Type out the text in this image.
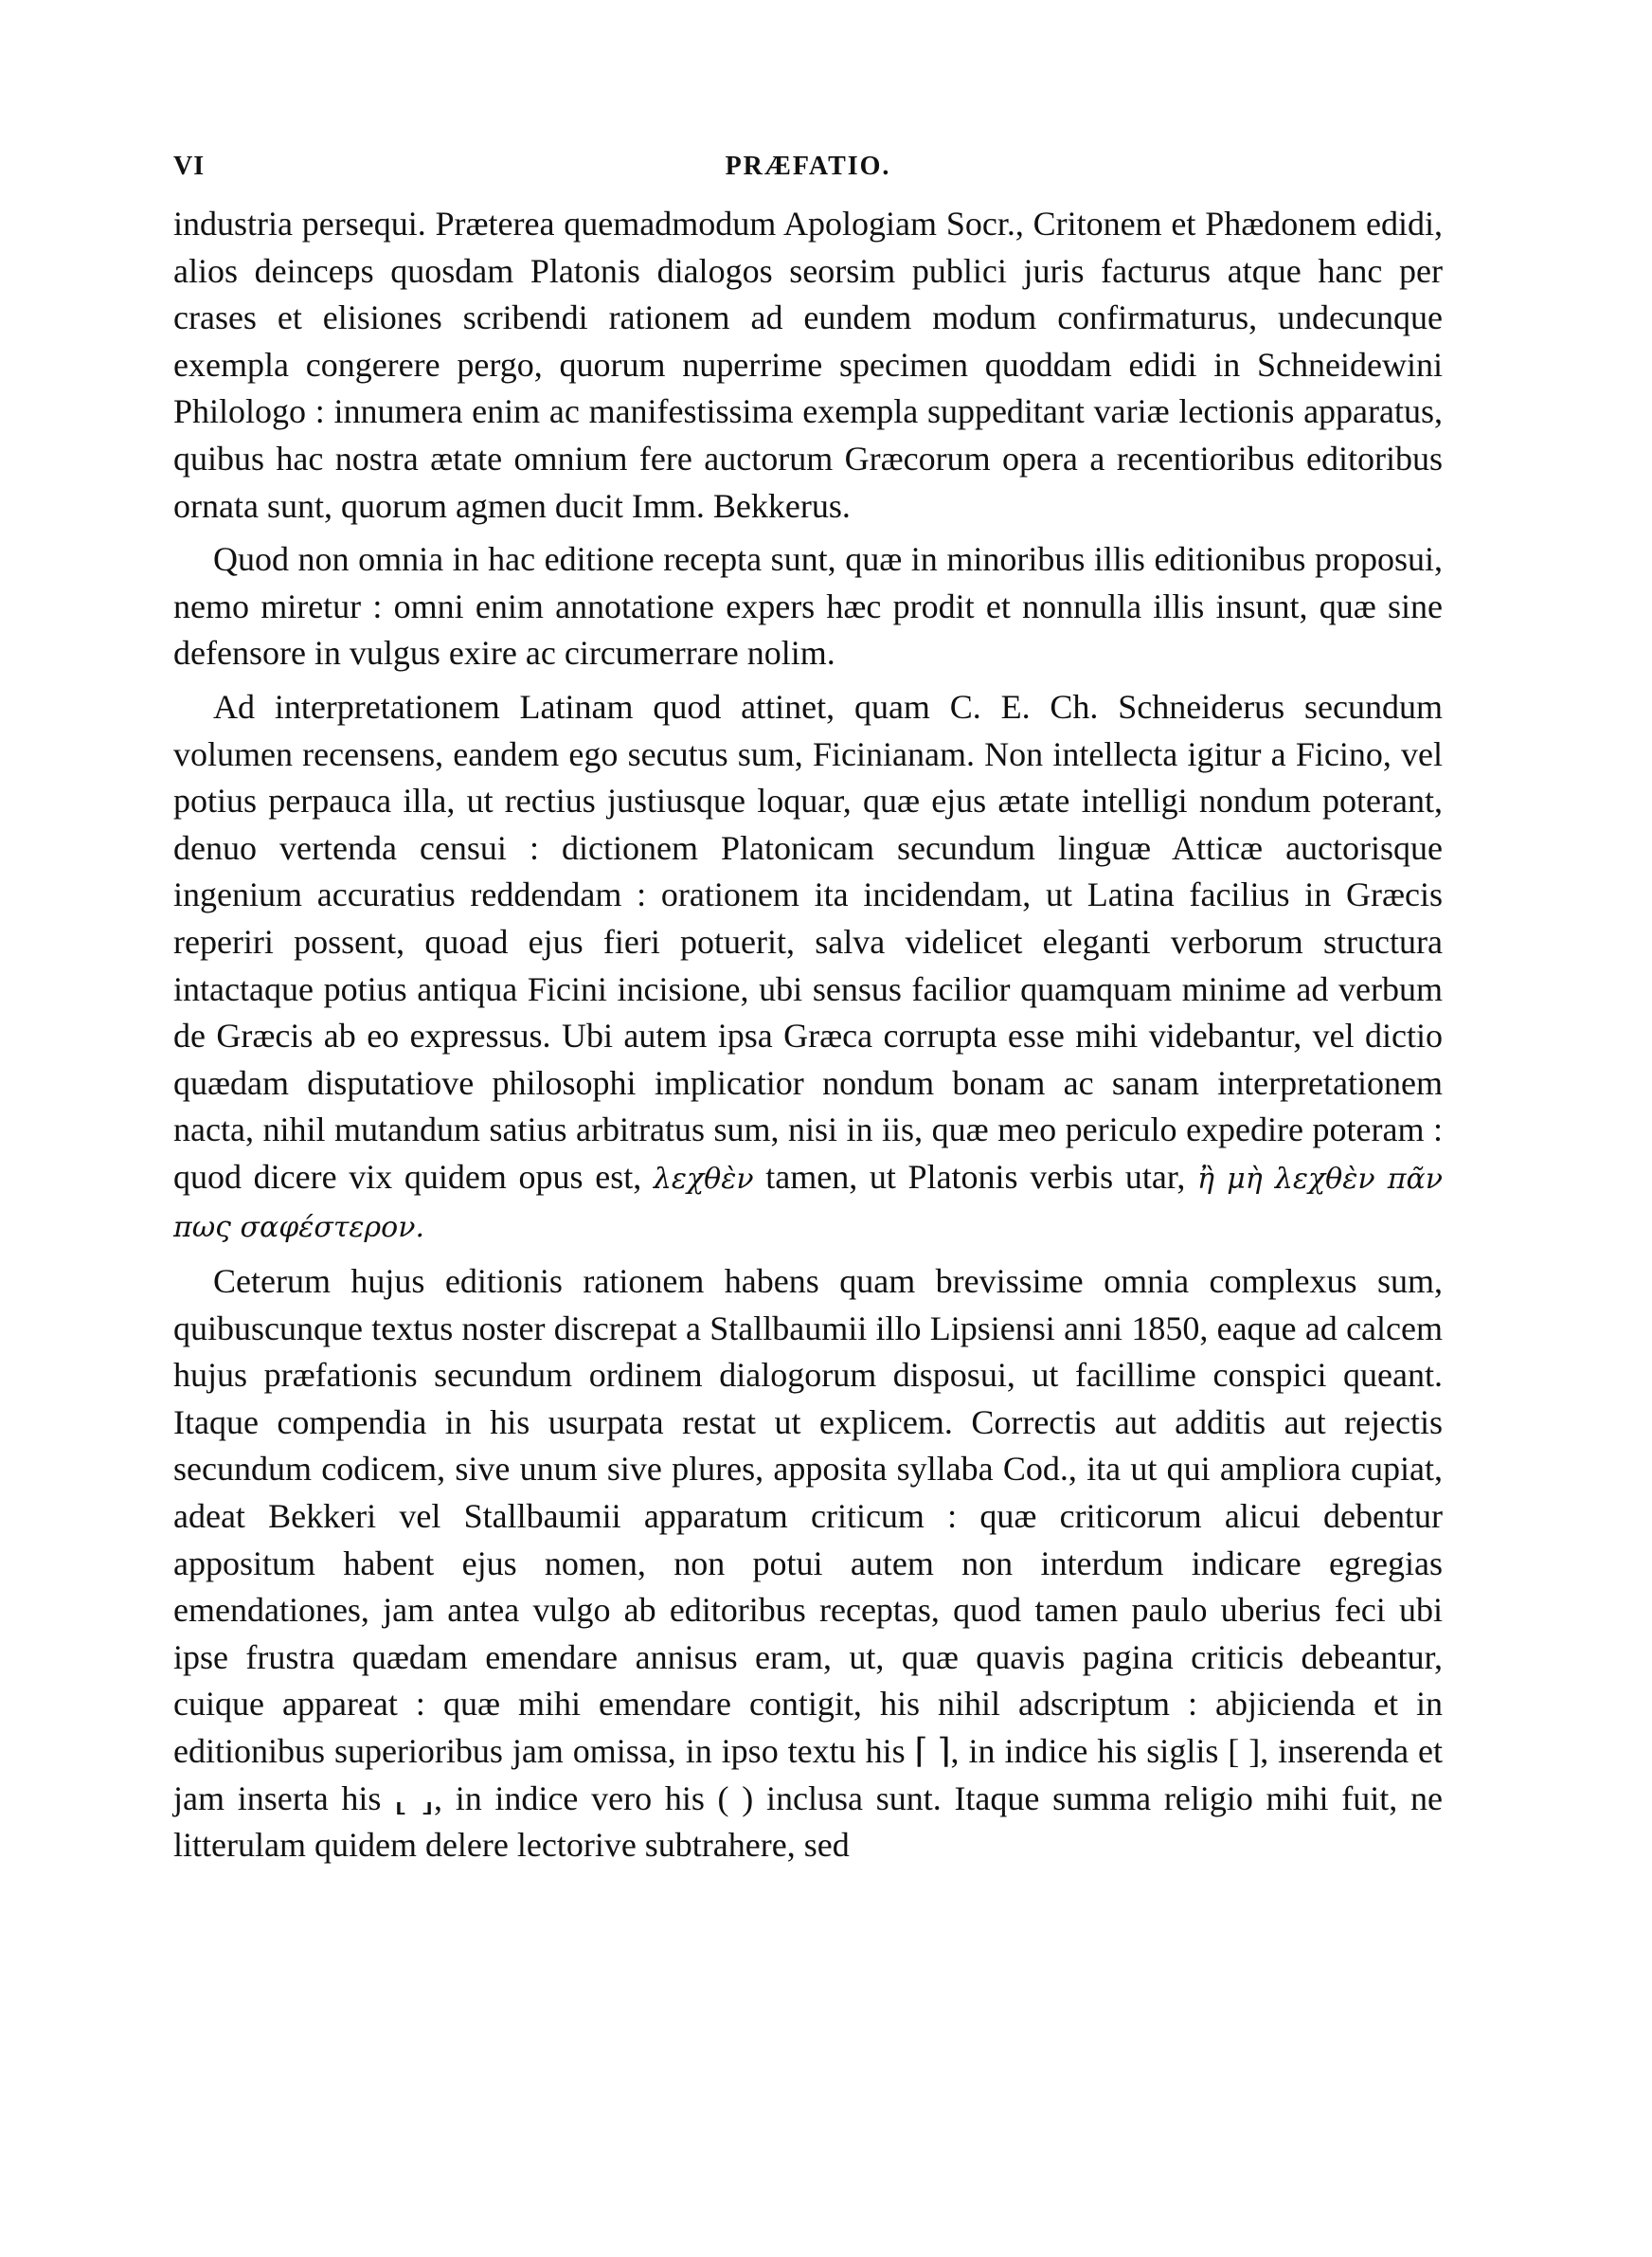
VI	PRÆFATIO.

industria persequi. Præterea quemadmodum Apologiam Socr., Critonem et Phædonem edidi, alios deinceps quosdam Platonis dialogos seorsim publici juris facturus atque hanc per crases et elisiones scribendi rationem ad eundem modum confirmaturus, undecunque exempla congerere pergo, quorum nuperrime specimen quoddam edidi in Schneidewini Philologo : innumera enim ac manifestissima exempla suppeditant variæ lectionis apparatus, quibus hac nostra ætate omnium fere auctorum Græcorum opera a recentioribus editoribus ornata sunt, quorum agmen ducit Imm. Bekkerus.

Quod non omnia in hac editione recepta sunt, quæ in minoribus illis editionibus proposui, nemo miretur : omni enim annotatione expers hæc prodit et nonnulla illis insunt, quæ sine defensore in vulgus exire ac circumerrare nolim.

Ad interpretationem Latinam quod attinet, quam C. E. Ch. Schneiderus secundum volumen recensens, eandem ego secutus sum, Ficinianam. Non intellecta igitur a Ficino, vel potius perpauca illa, ut rectius justiusque loquar, quæ ejus ætate intelligi nondum poterant, denuo vertenda censui : dictionem Platonicam secundum linguæ Atticæ auctorisque ingenium accuratius reddendam : orationem ita incidendam, ut Latina facilius in Græcis reperiri possent, quoad ejus fieri potuerit, salva videlicet eleganti verborum structura intactaque potius antiqua Ficini incisione, ubi sensus facilior quamquam minime ad verbum de Græcis ab eo expressus. Ubi autem ipsa Græca corrupta esse mihi videbantur, vel dictio quædam disputatiove philosophi implicatior nondum bonam ac sanam interpretationem nacta, nihil mutandum satius arbitratus sum, nisi in iis, quæ meo periculo expedire poteram : quod dicere vix quidem opus est, λεχθὲν tamen, ut Platonis verbis utar, ἢ μὴ λεχθὲν πᾶν πως σαφέστερον.

Ceterum hujus editionis rationem habens quam brevissime omnia complexus sum, quibuscunque textus noster discrepat a Stallbaumii illo Lipsiensi anni 1850, eaque ad calcem hujus præfationis secundum ordinem dialogorum disposui, ut facillime conspici queant. Itaque compendia in his usurpata restat ut explicem. Correctis aut additis aut rejectis secundum codicem, sive unum sive plures, apposita syllaba Cod., ita ut qui ampliora cupiat, adeat Bekkeri vel Stallbaumii apparatum criticum : quæ criticorum alicui debentur appositum habent ejus nomen, non potui autem non interdum indicare egregias emendationes, jam antea vulgo ab editoribus receptas, quod tamen paulo uberius feci ubi ipse frustra quædam emendare annisus eram, ut, quæ quavis pagina criticis debeantur, cuique appareat : quæ mihi emendare contigit, his nihil adscriptum : abjicienda et in editionibus superioribus jam omissa, in ipso textu his ⌈ ⌉, in indice his siglis [ ], inserenda et jam inserta his ⸤ ⸥, in indice vero his ( ) inclusa sunt. Itaque summa religio mihi fuit, ne litterulam quidem delere lectorive subtrahere, sed
